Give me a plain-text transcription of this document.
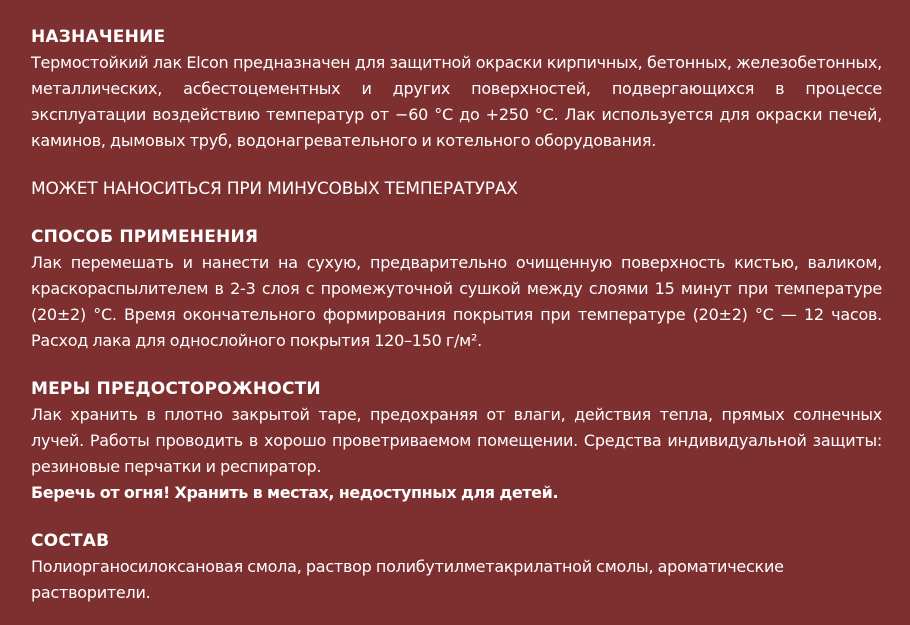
НАЗНАЧЕНИЕ

Термостойкий лак Elcon предназначен для защитной окраски кирпичных, бетонных, железобетонных, металлических, асбестоцементных и других поверхностей, подвергающихся в процессе эксплуатации воздействию температур от −60 °C до +250 °C. Лак используется для окраски печей, каминов, дымовых труб, водонагревательного и котельного оборудования.

МОЖЕТ НАНОСИТЬСЯ ПРИ МИНУСОВЫХ ТЕМПЕРАТУРАХ

СПОСОБ ПРИМЕНЕНИЯ

Лак перемешать и нанести на сухую, предварительно очищенную поверхность кистью, валиком, краскораспылителем в 2-3 слоя с промежуточной сушкой между слоями 15 минут при температуре (20±2) °C. Время окончательного формирования покрытия при температуре (20±2) °C — 12 часов. Расход лака для однослойного покрытия 120–150 г/м².

МЕРЫ ПРЕДОСТОРОЖНОСТИ

Лак хранить в плотно закрытой таре, предохраняя от влаги, действия тепла, прямых солнечных лучей. Работы проводить в хорошо проветриваемом помещении. Средства индивидуальной защиты: резиновые перчатки и респиратор.

Беречь от огня! Хранить в местах, недоступных для детей.

СОСТАВ

Полиорганосилоксановая смола, раствор полибутилметакрилатной смолы, ароматические растворители.
